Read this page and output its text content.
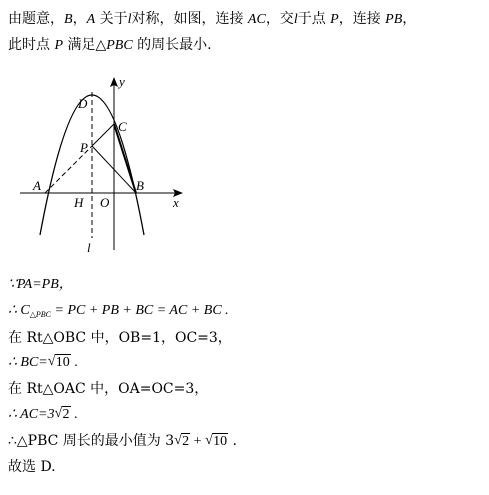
由题意，B，A 关于l对称，如图，连接 AC，交l于点 P，连接 PB，
此时点 P 满足△PBC 的周长最小.
D
C
P
A	B
H O	x
y
l
∵PA=PB，
∴ $C_{\triangle PBC}$ = PC + PB + BC = AC + BC .
在 Rt△OBC 中，OB=1，OC=3，
∴ BC= √ 10 .
在 Rt△OAC 中，OA=OC=3，
∴ AC=3 √ 2 .
∴△PBC 周长的最小值为 3 √ 2 + √ 10 .
故选 D.
